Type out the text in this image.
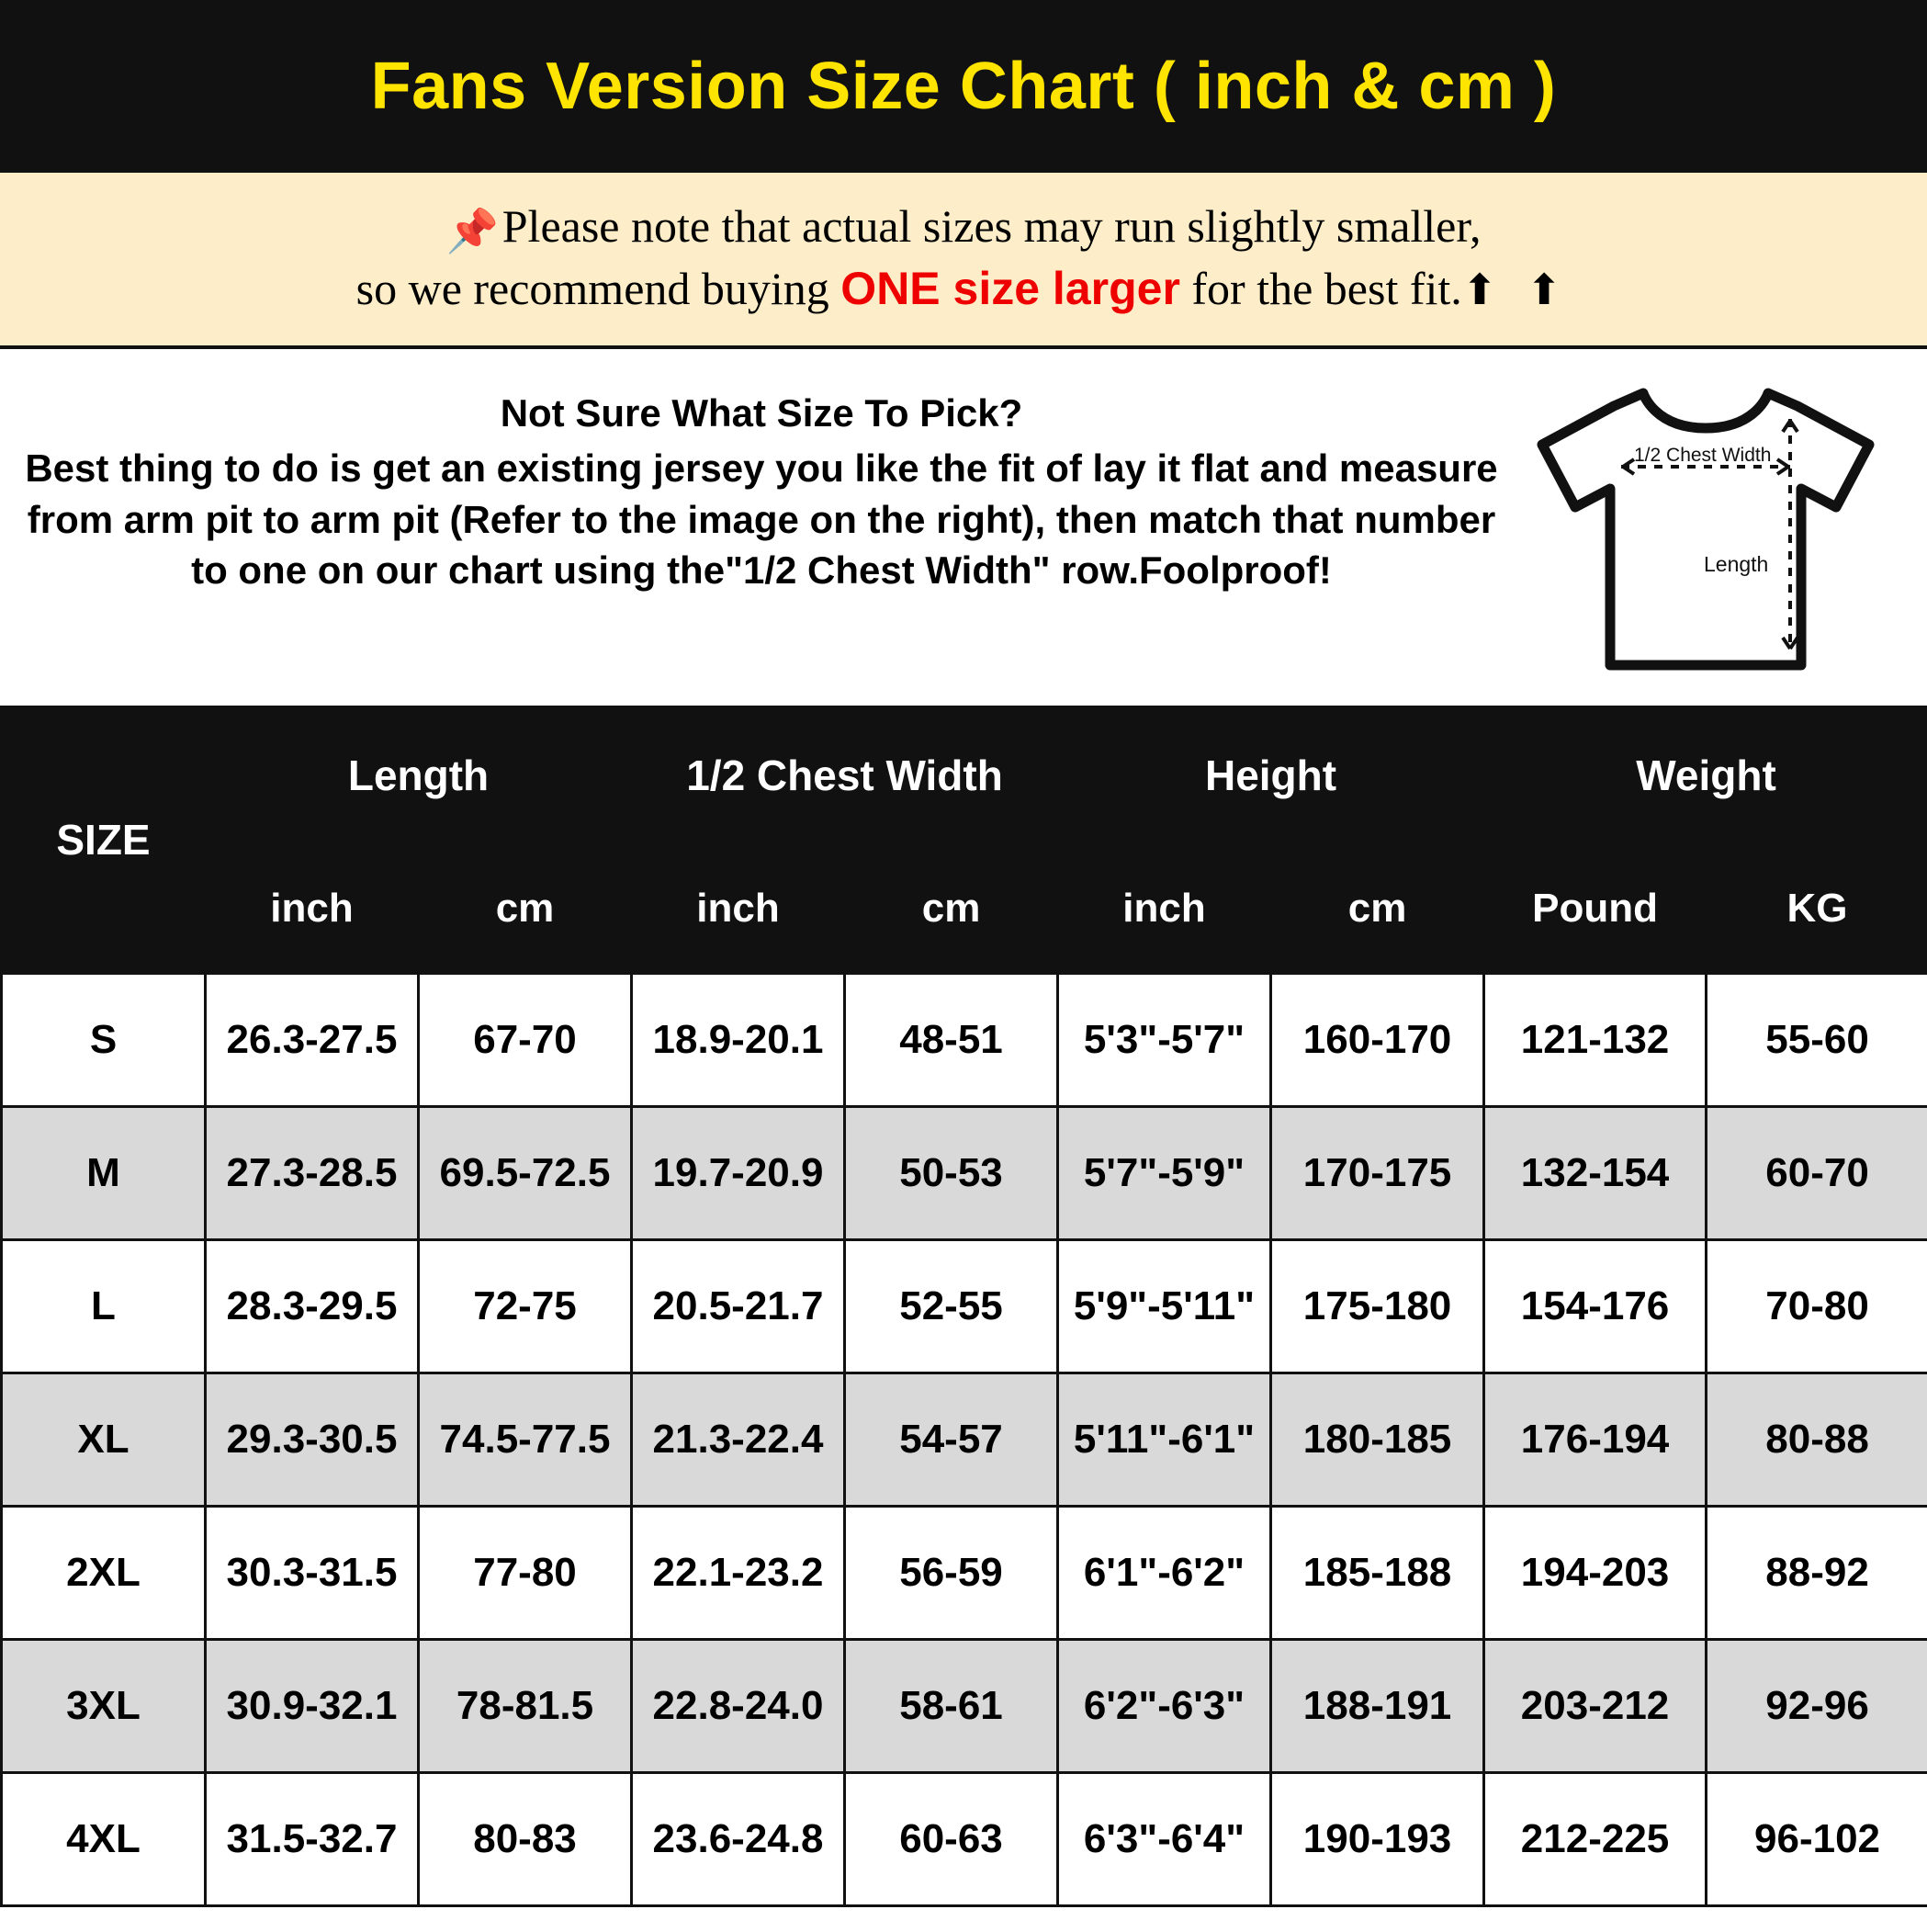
Fans Version Size Chart ( inch & cm )
📌Please note that actual sizes may run slightly smaller,
so we recommend buying ONE size larger for the best fit.⬆ ⬆
Not Sure What Size To Pick?
Best thing to do is get an existing jersey you like the fit of lay it flat and measure from arm pit to arm pit (Refer to the image on the right), then match that number to one on our chart using the"1/2 Chest Width" row.Foolproof!
1/2 Chest Width
Length
SIZE	Length		1/2 Chest Width		Height		Weight	
	inch	cm	inch	cm	inch	cm	Pound	KG
S	26.3-27.5	67-70	18.9-20.1	48-51	5'3"-5'7"	160-170	121-132	55-60
M	27.3-28.5	69.5-72.5	19.7-20.9	50-53	5'7"-5'9"	170-175	132-154	60-70
L	28.3-29.5	72-75	20.5-21.7	52-55	5'9"-5'11"	175-180	154-176	70-80
XL	29.3-30.5	74.5-77.5	21.3-22.4	54-57	5'11"-6'1"	180-185	176-194	80-88
2XL	30.3-31.5	77-80	22.1-23.2	56-59	6'1"-6'2"	185-188	194-203	88-92
3XL	30.9-32.1	78-81.5	22.8-24.0	58-61	6'2"-6'3"	188-191	203-212	92-96
4XL	31.5-32.7	80-83	23.6-24.8	60-63	6'3"-6'4"	190-193	212-225	96-102
